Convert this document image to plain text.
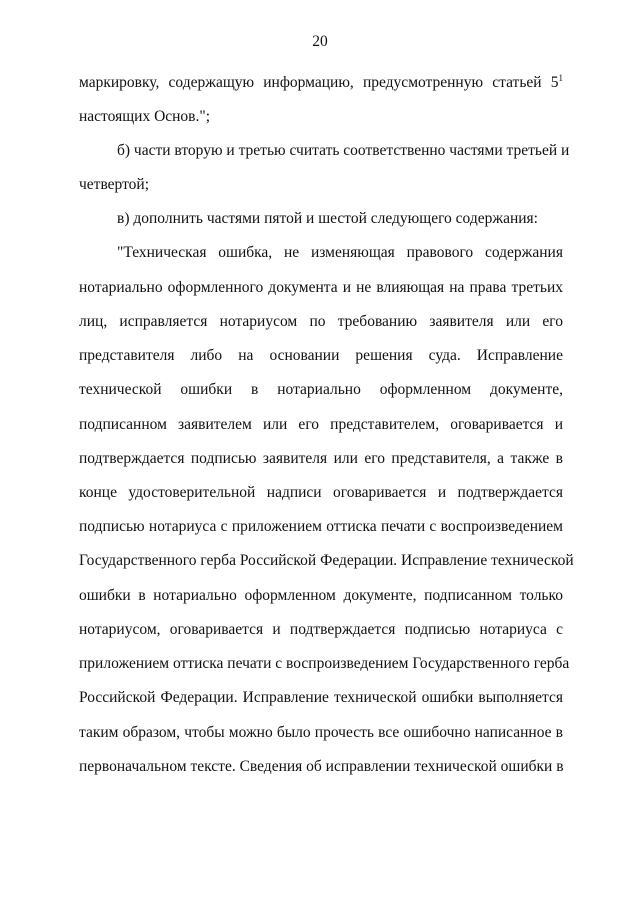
20
маркировку, содержащую информацию, предусмотренную статьей $5^1$
настоящих Основ.";
б) части вторую и третью считать соответственно частями третьей и
четвертой;
в) дополнить частями пятой и шестой следующего содержания:
"Техническая ошибка, не изменяющая правового содержания
нотариально оформленного документа и не влияющая на права третьих
лиц, исправляется нотариусом по требованию заявителя или его
представителя либо на основании решения суда. Исправление
технической ошибки в нотариально оформленном документе,
подписанном заявителем или его представителем, оговаривается и
подтверждается подписью заявителя или его представителя, а также в
конце удостоверительной надписи оговаривается и подтверждается
подписью нотариуса с приложением оттиска печати с воспроизведением
Государственного герба Российской Федерации. Исправление технической
ошибки в нотариально оформленном документе, подписанном только
нотариусом, оговаривается и подтверждается подписью нотариуса с
приложением оттиска печати с воспроизведением Государственного герба
Российской Федерации. Исправление технической ошибки выполняется
таким образом, чтобы можно было прочесть все ошибочно написанное в
первоначальном тексте. Сведения об исправлении технической ошибки в
